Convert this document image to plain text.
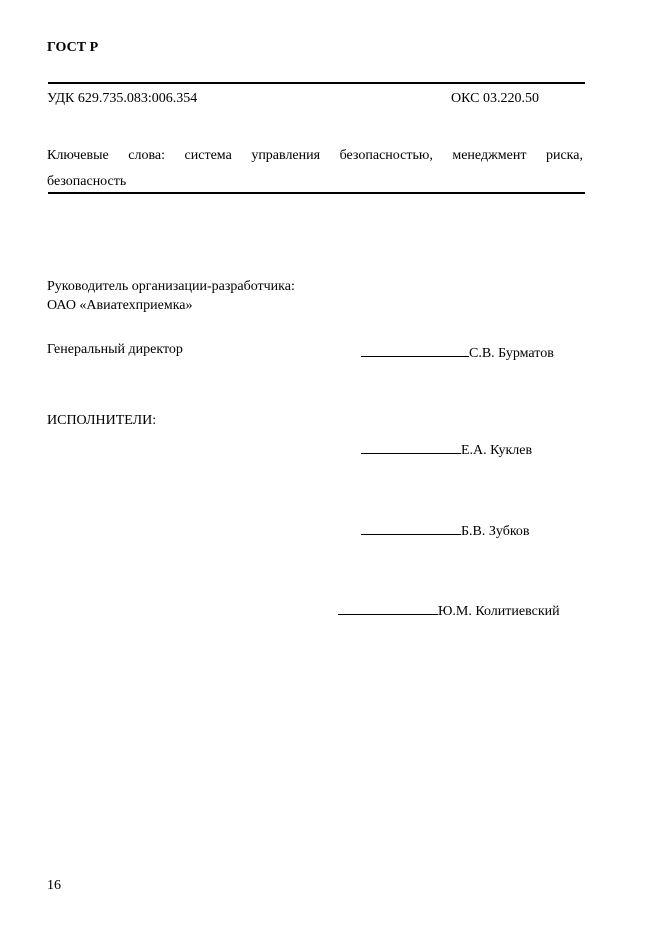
ГОСТ Р
УДК 629.735.083:006.354	ОКС 03.220.50
Ключевые слова: система управления безопасностью, менеджмент риска,
безопасность
Руководитель организации-разработчика:
ОАО «Авиатехприемка»
Генеральный директор	С.В. Бурматов
ИСПОЛНИТЕЛИ:
Е.А. Куклев
Б.В. Зубков
Ю.М. Колитиевский
16
